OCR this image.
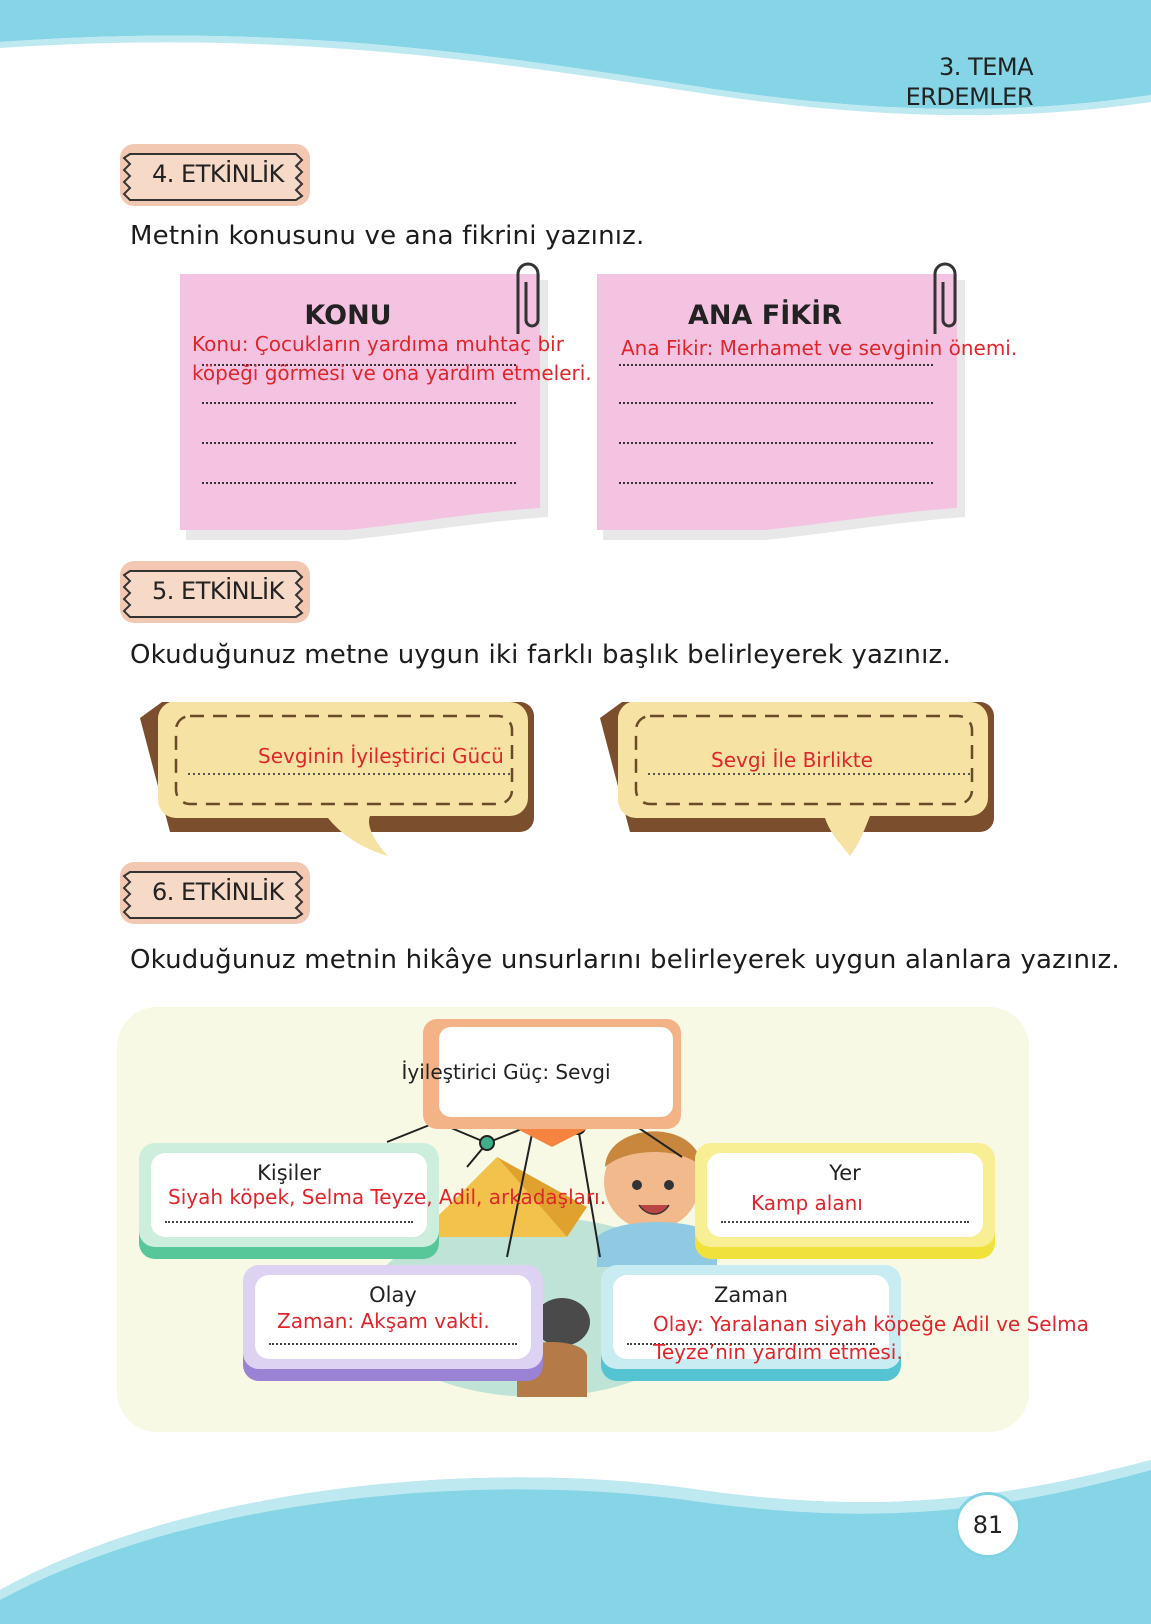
3. TEMA
ERDEMLER
4. ETKİNLİK
Metnin konusunu ve ana fikrini yazınız.
KONU
Konu: Çocukların yardıma muhtaç bir
köpeği görmesi ve ona yardım etmeleri.
ANA FİKİR
Ana Fikir: Merhamet ve sevginin önemi.
5. ETKİNLİK
Okuduğunuz metne uygun iki farklı başlık belirleyerek yazınız.
Sevginin İyileştirici Gücü	Sevgi İle Birlikte
6. ETKİNLİK
Okuduğunuz metnin hikâye unsurlarını belirleyerek uygun alanlara yazınız.
İyileştirici Güç: Sevgi
Kişiler
Siyah köpek, Selma Teyze, Adil, arkadaşları.
Yer
Kamp alanı
Olay
Zaman: Akşam vakti.
Zaman
Olay: Yaralanan siyah köpeğe Adil ve Selma
Teyze’nin yardım etmesi.
81
